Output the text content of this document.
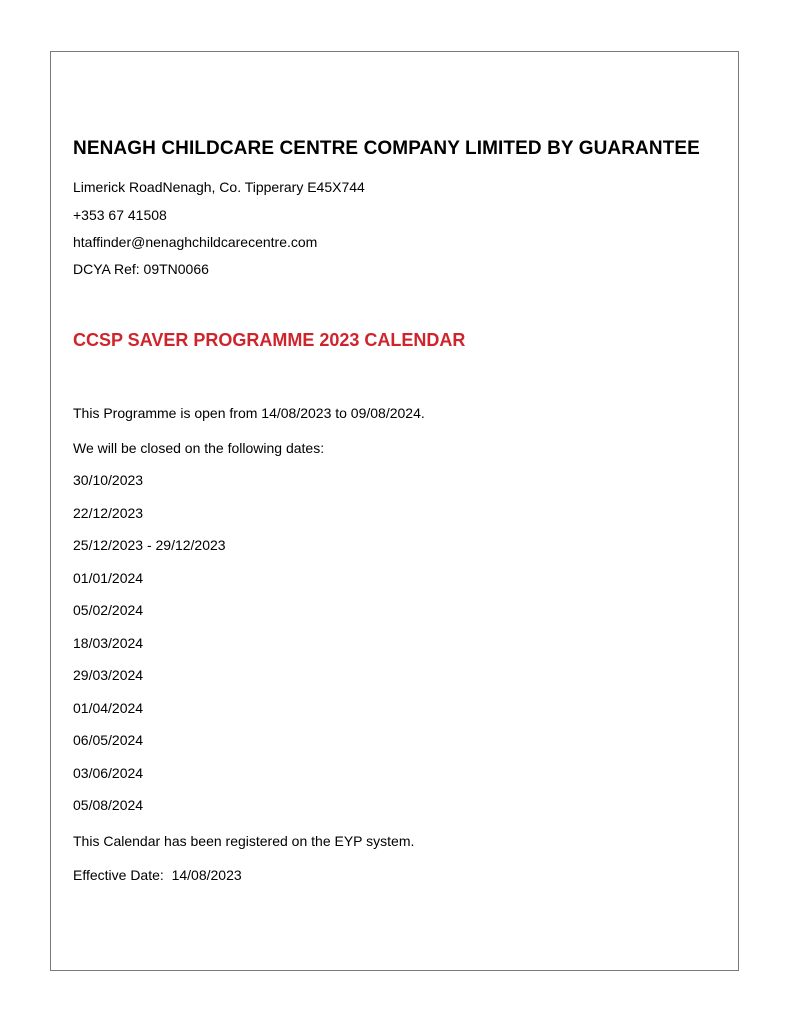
NENAGH CHILDCARE CENTRE COMPANY LIMITED BY GUARANTEE

Limerick RoadNenagh, Co. Tipperary E45X744

+353 67 41508

htaffinder@nenaghchildcarecentre.com

DCYA Ref: 09TN0066

CCSP SAVER PROGRAMME 2023 CALENDAR

This Programme is open from 14/08/2023 to 09/08/2024.

We will be closed on the following dates:

30/10/2023
22/12/2023
25/12/2023 - 29/12/2023
01/01/2024
05/02/2024
18/03/2024
29/03/2024
01/04/2024
06/05/2024
03/06/2024
05/08/2024

This Calendar has been registered on the EYP system.

Effective Date:  14/08/2023
